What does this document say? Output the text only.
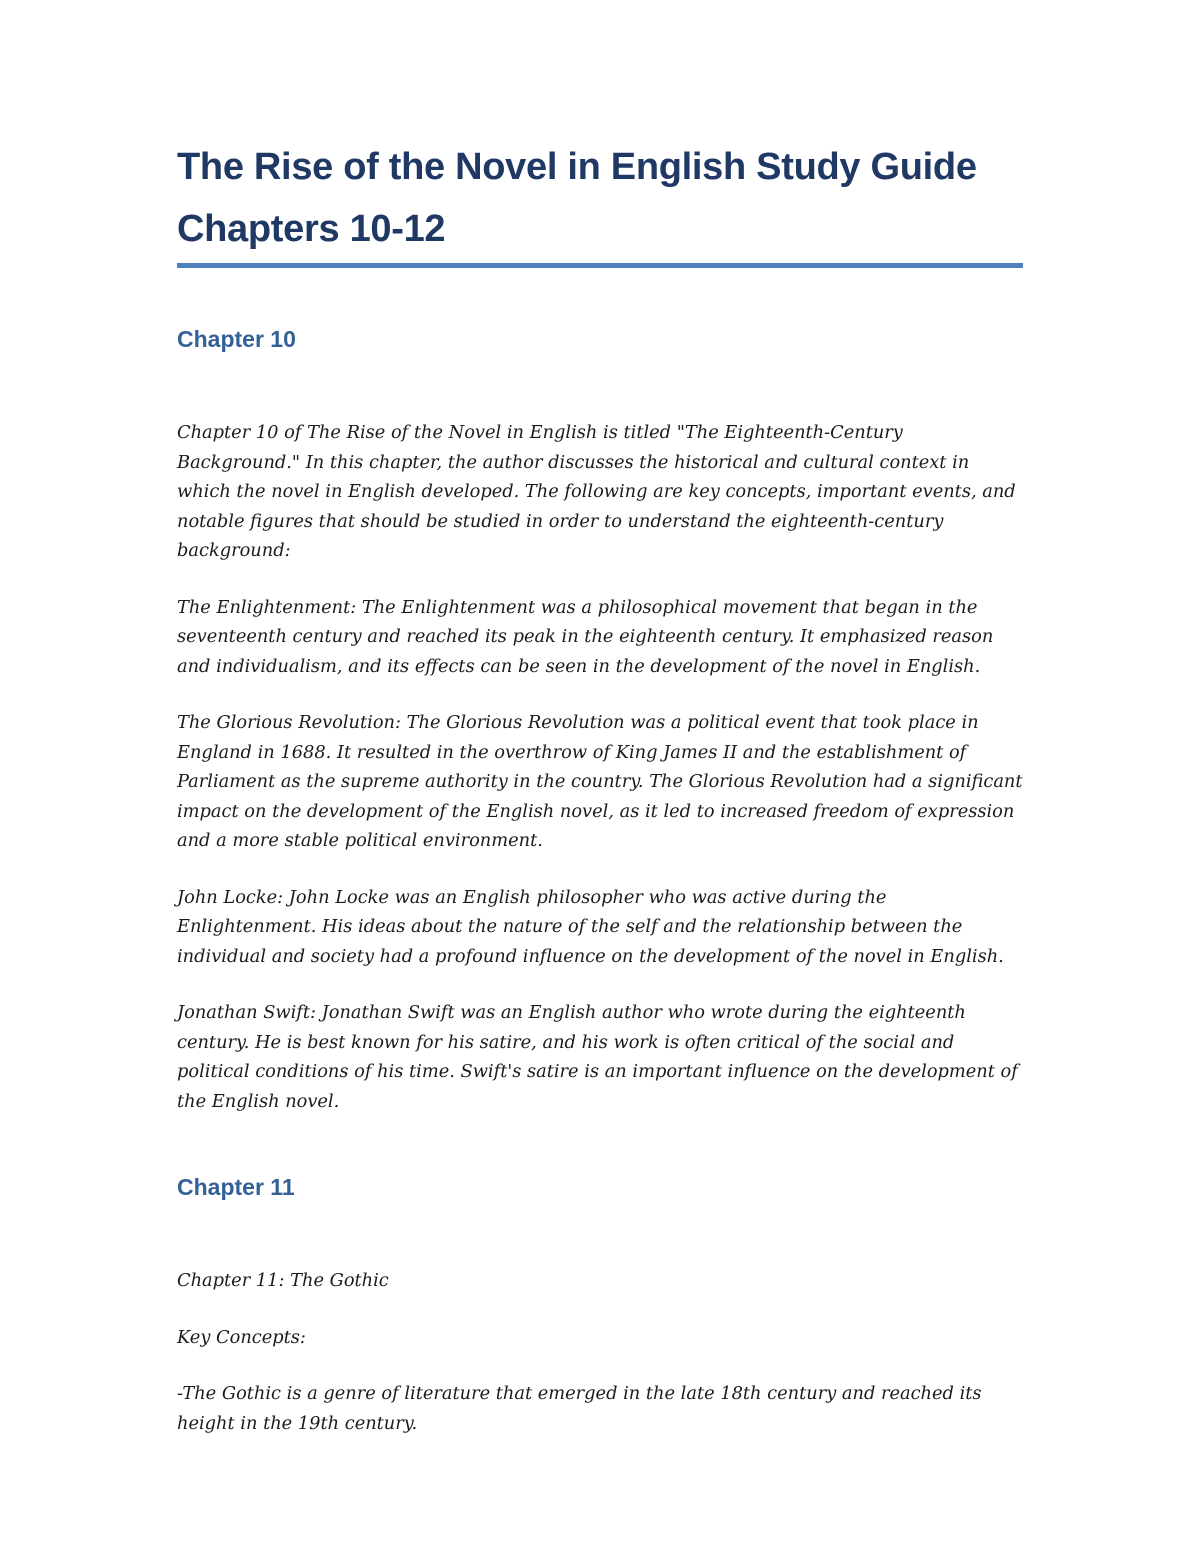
The Rise of the Novel in English Study Guide Chapters 10-12
Chapter 10

Chapter 10 of The Rise of the Novel in English is titled "The Eighteenth-Century Background." In this chapter, the author discusses the historical and cultural context in which the novel in English developed. The following are key concepts, important events, and notable figures that should be studied in order to understand the eighteenth-century background:

The Enlightenment: The Enlightenment was a philosophical movement that began in the seventeenth century and reached its peak in the eighteenth century. It emphasized reason and individualism, and its effects can be seen in the development of the novel in English.

The Glorious Revolution: The Glorious Revolution was a political event that took place in England in 1688. It resulted in the overthrow of King James II and the establishment of Parliament as the supreme authority in the country. The Glorious Revolution had a significant impact on the development of the English novel, as it led to increased freedom of expression and a more stable political environment.

John Locke: John Locke was an English philosopher who was active during the Enlightenment. His ideas about the nature of the self and the relationship between the individual and society had a profound influence on the development of the novel in English.

Jonathan Swift: Jonathan Swift was an English author who wrote during the eighteenth century. He is best known for his satire, and his work is often critical of the social and political conditions of his time. Swift's satire is an important influence on the development of the English novel.

Chapter 11

Chapter 11: The Gothic

Key Concepts:

-The Gothic is a genre of literature that emerged in the late 18th century and reached its height in the 19th century.
